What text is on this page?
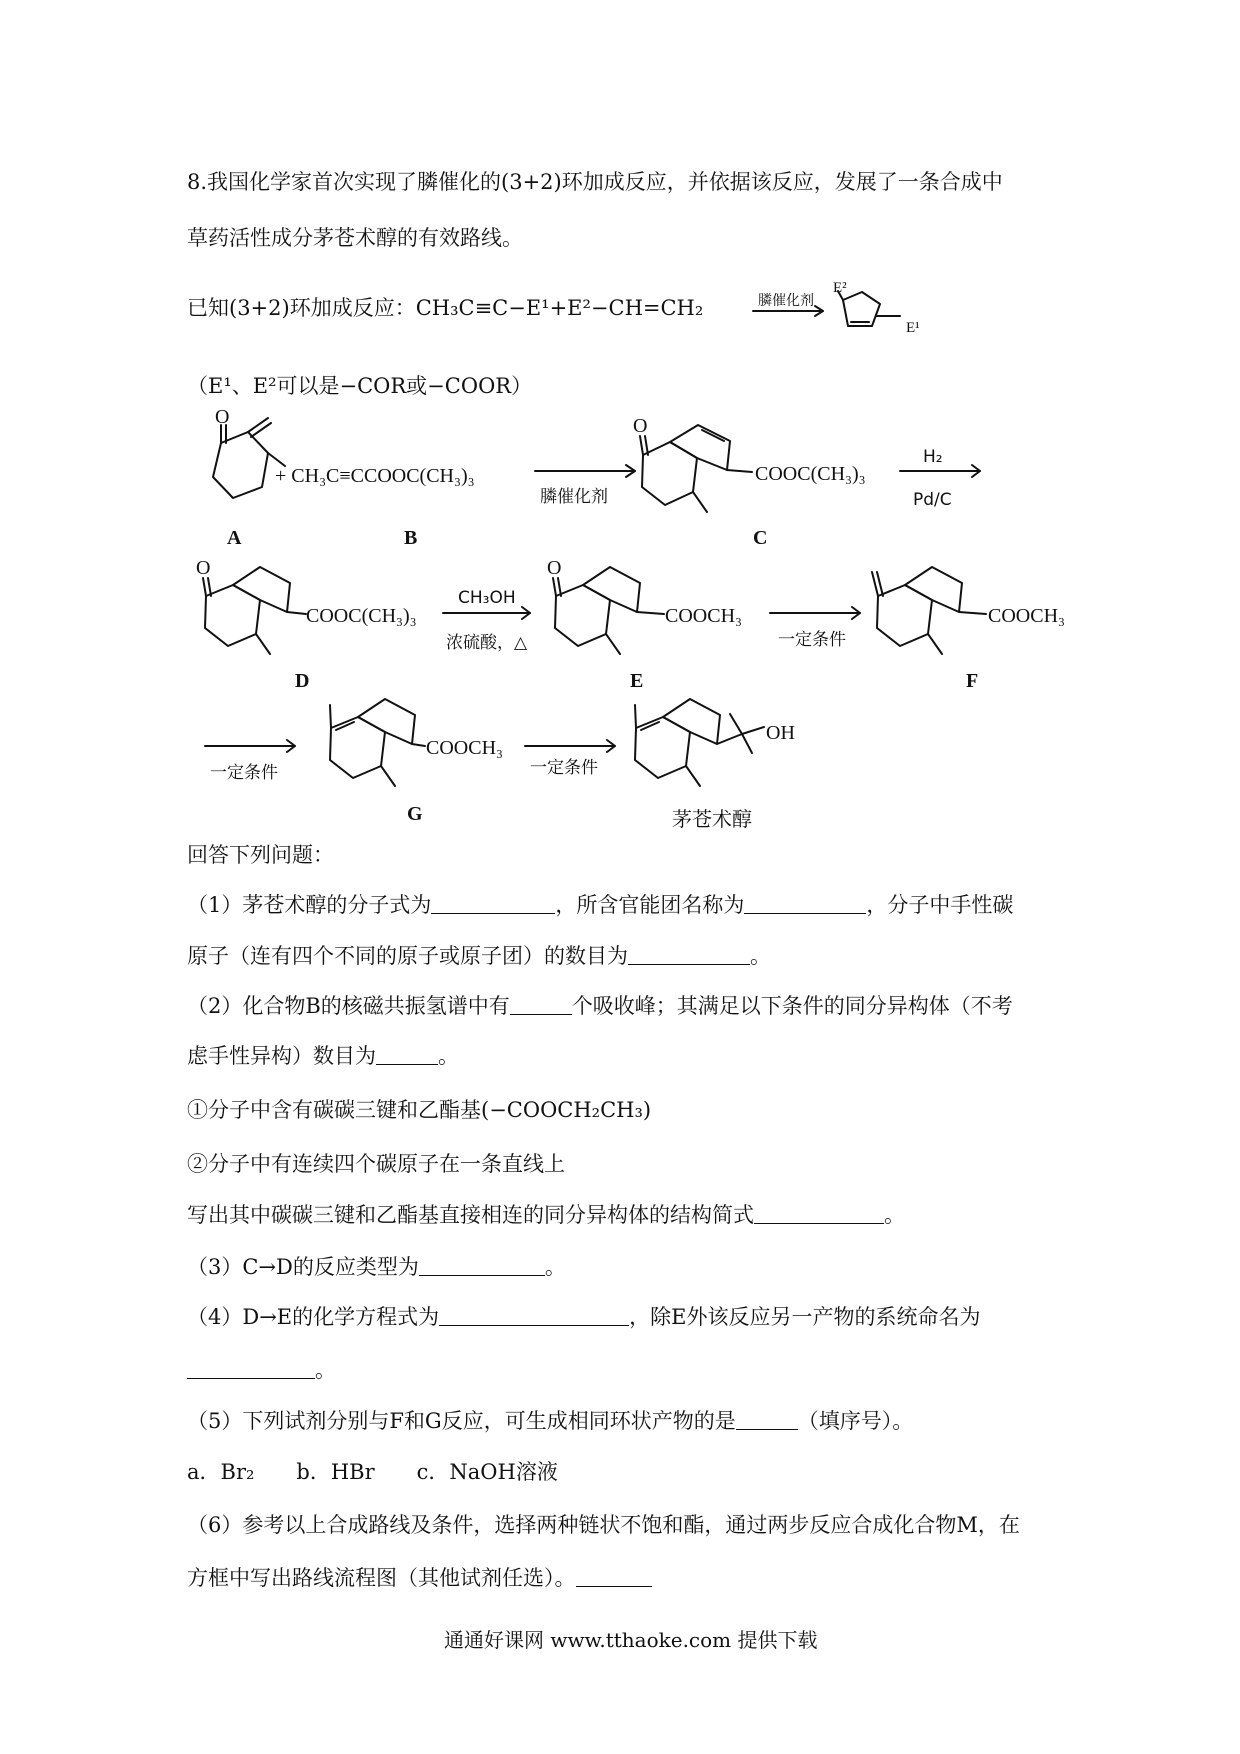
8.我国化学家首次实现了膦催化的(3+2)环加成反应，并依据该反应，发展了一条合成中
草药活性成分茅苍术醇的有效路线。
已知(3+2)环加成反应：CH₃C≡C−E¹+E²−CH=CH₂	膦催化剂
E²
E¹
（E¹、E²可以是−COR或−COOR）
+ CH₃C≡CCOOC(CH₃)₃
膦催化剂
COOC(CH₃)₃
H₂
Pd/C
COOC(CH₃)₃
CH₃OH
浓硫酸，△
COOCH₃
一定条件
COOCH₃
一定条件
COOCH₃
一定条件
OH
A	B	C
D	E	F
G	茅苍术醇
O	O
O	O
回答下列问题：
（1）茅苍术醇的分子式为	，所含官能团名称为	，分子中手性碳
原子（连有四个不同的原子或原子团）的数目为	。
（2）化合物B的核磁共振氢谱中有	个吸收峰；其满足以下条件的同分异构体（不考
虑手性异构）数目为	。
①分子中含有碳碳三键和乙酯基(−COOCH₂CH₃)
②分子中有连续四个碳原子在一条直线上
写出其中碳碳三键和乙酯基直接相连的同分异构体的结构简式	。
（3）C→D的反应类型为	。
（4）D→E的化学方程式为	，除E外该反应另一产物的系统命名为
。
（5）下列试剂分别与F和G反应，可生成相同环状产物的是	（填序号）。
a．Br₂　　b．HBr　　c．NaOH溶液
（6）参考以上合成路线及条件，选择两种链状不饱和酯，通过两步反应合成化合物M，在
方框中写出路线流程图（其他试剂任选）。
通通好课网 www.tthaoke.com 提供下载
